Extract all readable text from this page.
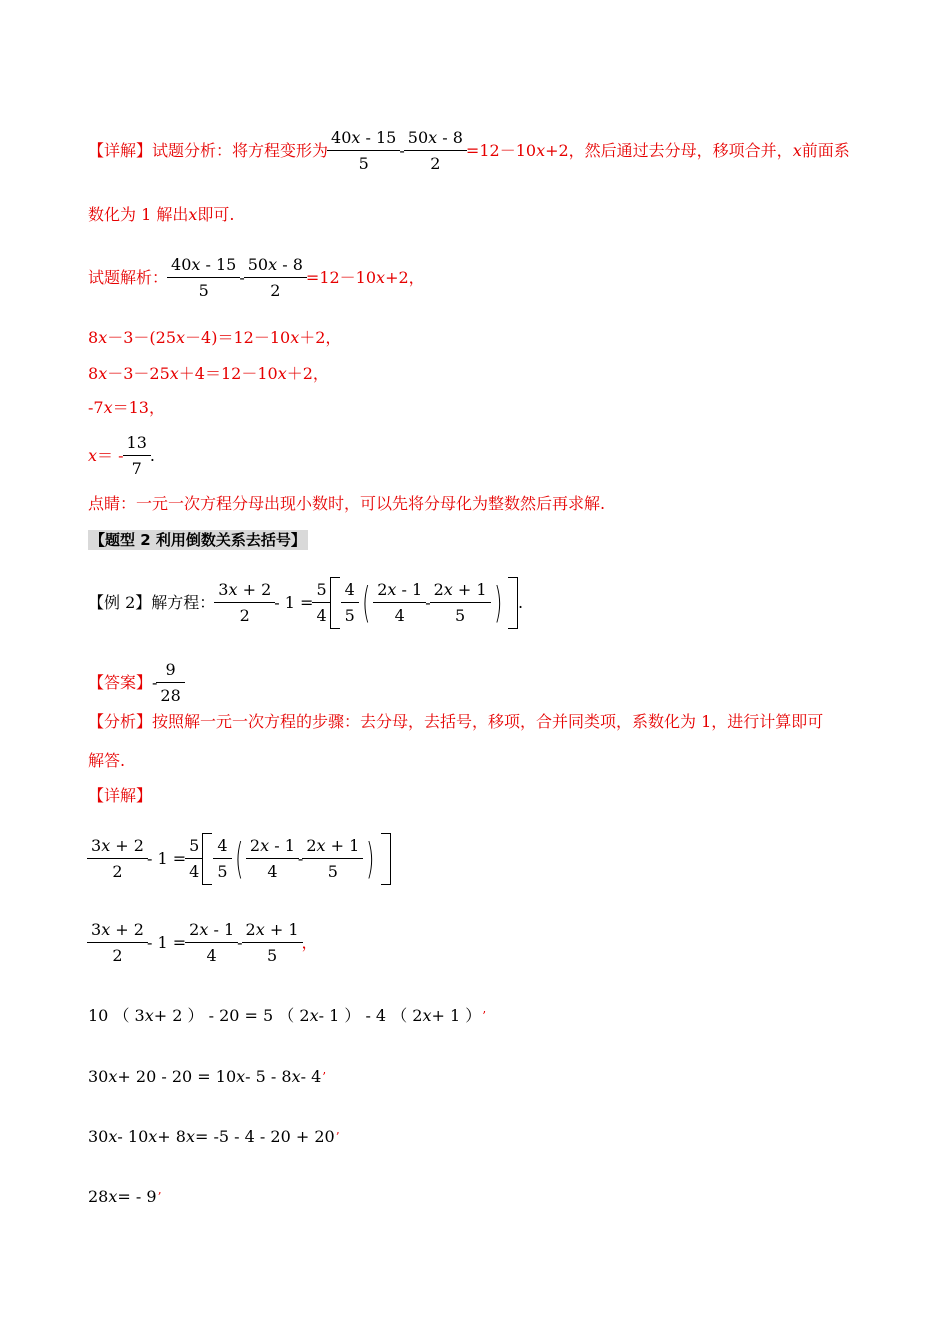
【详解】 试题分析：将方程变形为 $\frac{40x - 15}{5} - \frac{50x - 8}{2} =12-10$ x +2，然后通过去分母，移项合并， x 前面系
数化为 1 解出 x 即可.
试题解析： $\frac{40x - 15}{5} - \frac{50x - 8}{2} =12-10$ x +2，
8 x －3－(25 x －4)＝12－10 x ＋2，
8 x －3－25 x ＋4＝12－10 x ＋2，
-7 x ＝13，
x ＝ - $\frac{13}{7}$ .
点睛：一元一次方程分母出现小数时，可以先将分母化为整数然后再求解.
【题型 2 利用倒数关系去括号】
【例 2】解方程： $\frac{3x + 2}{2} - 1 = \frac{5}{4} \frac{4}{5}$ ( $\frac{2x - 1}{4} - \frac{2x + 1}{5}$ ) .
【答案】 - $\frac{9}{28}$
【分析】按照解一元一次方程的步骤：去分母，去括号，移项，合并同类项，系数化为 1，进行计算即可
解答.
【详解】
$\frac{3x + 2}{2} - 1 = \frac{5}{4} \frac{4}{5}$ ( $\frac{2x - 1}{4} - \frac{2x + 1}{5}$ )
$\frac{3x + 2}{2} - 1 = \frac{2x - 1}{4} - \frac{2x + 1}{5}$ ，
10 （ 3 x + 2 ） - 20 = 5 （ 2 x - 1 ） - 4 （ 2 x + 1 ） ’
30 x + 20 - 20 = 10 x - 5 - 8 x - 4 ’
30 x - 10 x + 8 x = -5 - 4 - 20 + 20 ’
28 x = - 9 ’
